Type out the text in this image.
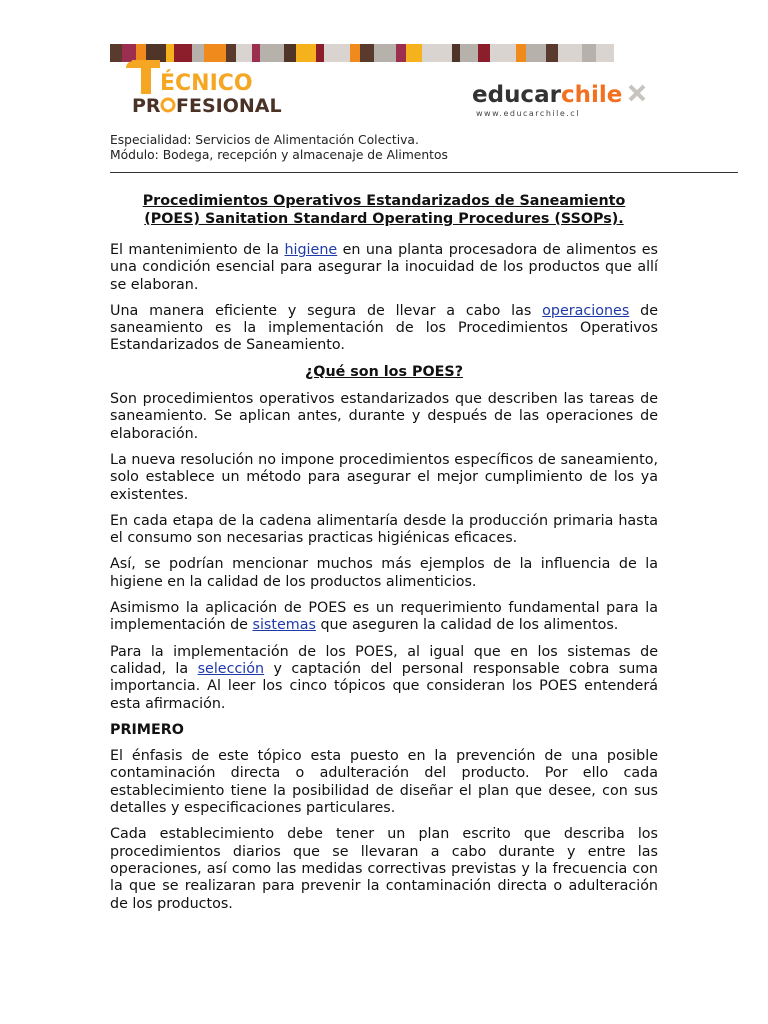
ÉCNICO
PR FESIONAL	educar chile
www.educarchile.cl
Especialidad: Servicios de Alimentación Colectiva.
Módulo: Bodega, recepción y almacenaje de Alimentos
Procedimientos Operativos Estandarizados de Saneamiento
(POES) Sanitation Standard Operating Procedures (SSOPs).

El mantenimiento de la higiene en una planta procesadora de alimentos es una condición esencial para asegurar la inocuidad de los productos que allí se elaboran.

Una manera eficiente y segura de llevar a cabo las operaciones de saneamiento es la implementación de los Procedimientos Operativos Estandarizados de Saneamiento.

¿Qué son los POES?

Son procedimientos operativos estandarizados que describen las tareas de saneamiento. Se aplican antes, durante y después de las operaciones de elaboración.

La nueva resolución no impone procedimientos específicos de saneamiento, solo establece un método para asegurar el mejor cumplimiento de los ya existentes.

En cada etapa de la cadena alimentaría desde la producción primaria hasta el consumo son necesarias practicas higiénicas eficaces.

Así, se podrían mencionar muchos más ejemplos de la influencia de la higiene en la calidad de los productos alimenticios.

Asimismo la aplicación de POES es un requerimiento fundamental para la implementación de sistemas que aseguren la calidad de los alimentos.

Para la implementación de los POES, al igual que en los sistemas de calidad, la selección y captación del personal responsable cobra suma importancia. Al leer los cinco tópicos que consideran los POES entenderá esta afirmación.

PRIMERO

El énfasis de este tópico esta puesto en la prevención de una posible contaminación directa o adulteración del producto. Por ello cada establecimiento tiene la posibilidad de diseñar el plan que desee, con sus detalles y especificaciones particulares.

Cada establecimiento debe tener un plan escrito que describa los procedimientos diarios que se llevaran a cabo durante y entre las operaciones, así como las medidas correctivas previstas y la frecuencia con la que se realizaran para prevenir la contaminación directa o adulteración de los productos.
